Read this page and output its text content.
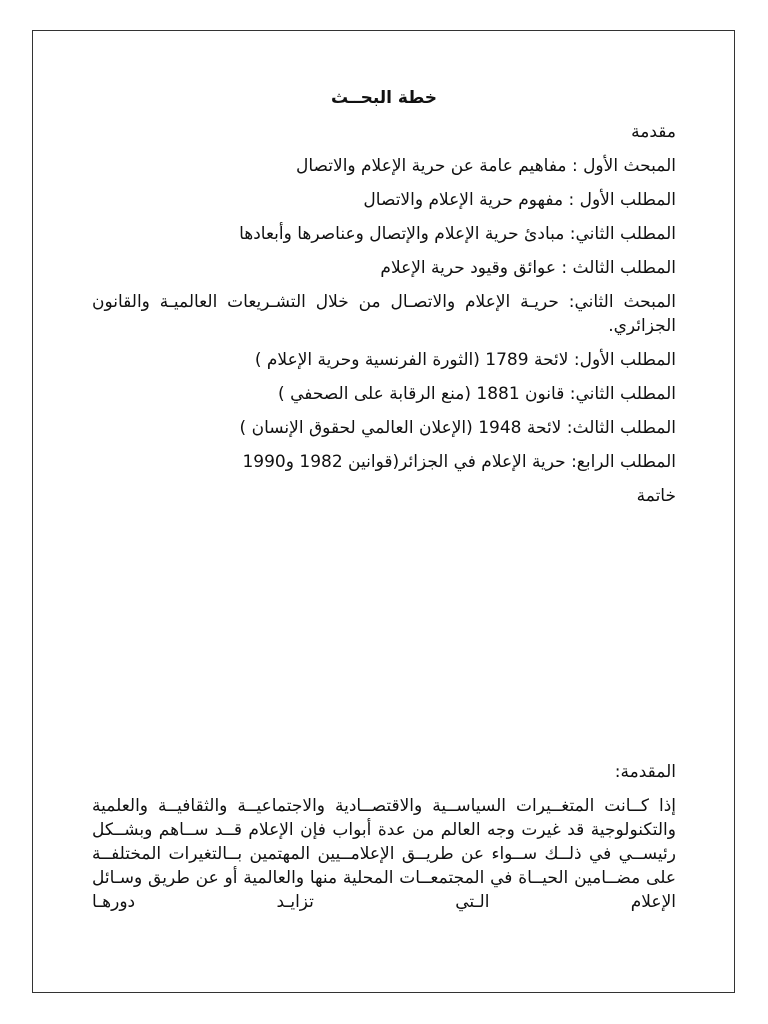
خطة البحــث
مقدمة
المبحث الأول : مفاهيم عامة عن حرية الإعلام والاتصال
المطلب الأول : مفهوم حرية الإعلام والاتصال
المطلب الثاني: مبادئ حرية الإعلام والإتصال وعناصرها وأبعادها
المطلب الثالث : عوائق وقيود حرية الإعلام
المبحث الثاني: حريـة الإعلام والاتصـال من خلال التشـريعات العالميـة والقانون الجزائري.
المطلب الأول: لائحة 1789 (الثورة الفرنسية وحرية الإعلام )
المطلب الثاني: قانون 1881 (منع الرقابة على الصحفي )
المطلب الثالث: لائحة 1948 (الإعلان العالمي لحقوق الإنسان )
المطلب الرابع: حرية الإعلام في الجزائر(قوانين 1982 و1990
خاتمة
المقدمة:

إذا كــانت المتغــيرات السياســية والاقتصــادية والاجتماعيــة والثقافيــة والعلمية والتكنولوجية قد غيرت وجه العالم من عدة أبواب فإن الإعلام قــد ســاهم وبشــكل رئيســي في ذلــك ســواء عن طريــق الإعلامــيين المهتمين بــالتغيرات المختلفــة على مضــامين الحيــاة في المجتمعــات المحلية منها والعالمية أو عن طريق وسـائل الإعلام الـتي تزايـد دورهـا
